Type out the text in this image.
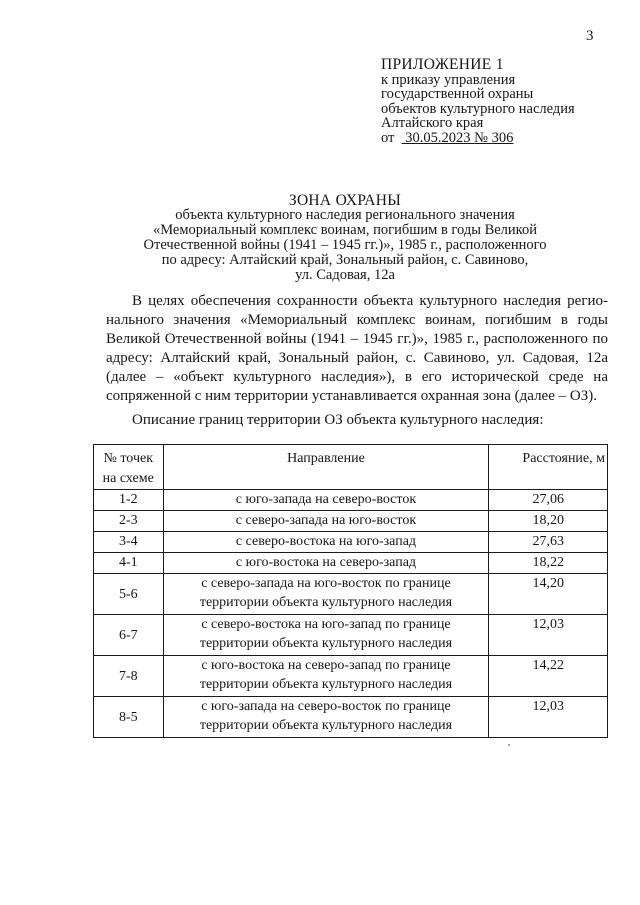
3
ПРИЛОЖЕНИЕ 1
к приказу управления
государственной охраны
объектов культурного наследия
Алтайского края
от 30.05.2023 № 306
ЗОНА ОХРАНЫ
объекта культурного наследия регионального значения
«Мемориальный комплекс воинам, погибшим в годы Великой
Отечественной войны (1941 – 1945 гг.)», 1985 г., расположенного
по адресу: Алтайский край, Зональный район, с. Савиново,
ул. Садовая, 12а
В целях обеспечения сохранности объекта культурного наследия регио-
нального значения «Мемориальный комплекс воинам, погибшим в годы
Великой Отечественной войны (1941 – 1945 гг.)», 1985 г., расположенного по
адресу: Алтайский край, Зональный район, с. Савиново, ул. Садовая, 12а
(далее – «объект культурного наследия»), в его исторической среде на
сопряженной с ним территории устанавливается охранная зона (далее – ОЗ).
Описание границ территории ОЗ объекта культурного наследия:
№ точек
на схеме	Направление	Расстояние, м
1-2	с юго-запада на северо-восток	27,06
2-3	с северо-запада на юго-восток	18,20
3-4	с северо-востока на юго-запад	27,63
4-1	с юго-востока на северо-запад	18,22
5-6	с северо-запада на юго-восток по границе
территории объекта культурного наследия	14,20
6-7	с северо-востока на юго-запад по границе
территории объекта культурного наследия	12,03
7-8	с юго-востока на северо-запад по границе
территории объекта культурного наследия	14,22
8-5	с юго-запада на северо-восток по границе
территории объекта культурного наследия	12,03
